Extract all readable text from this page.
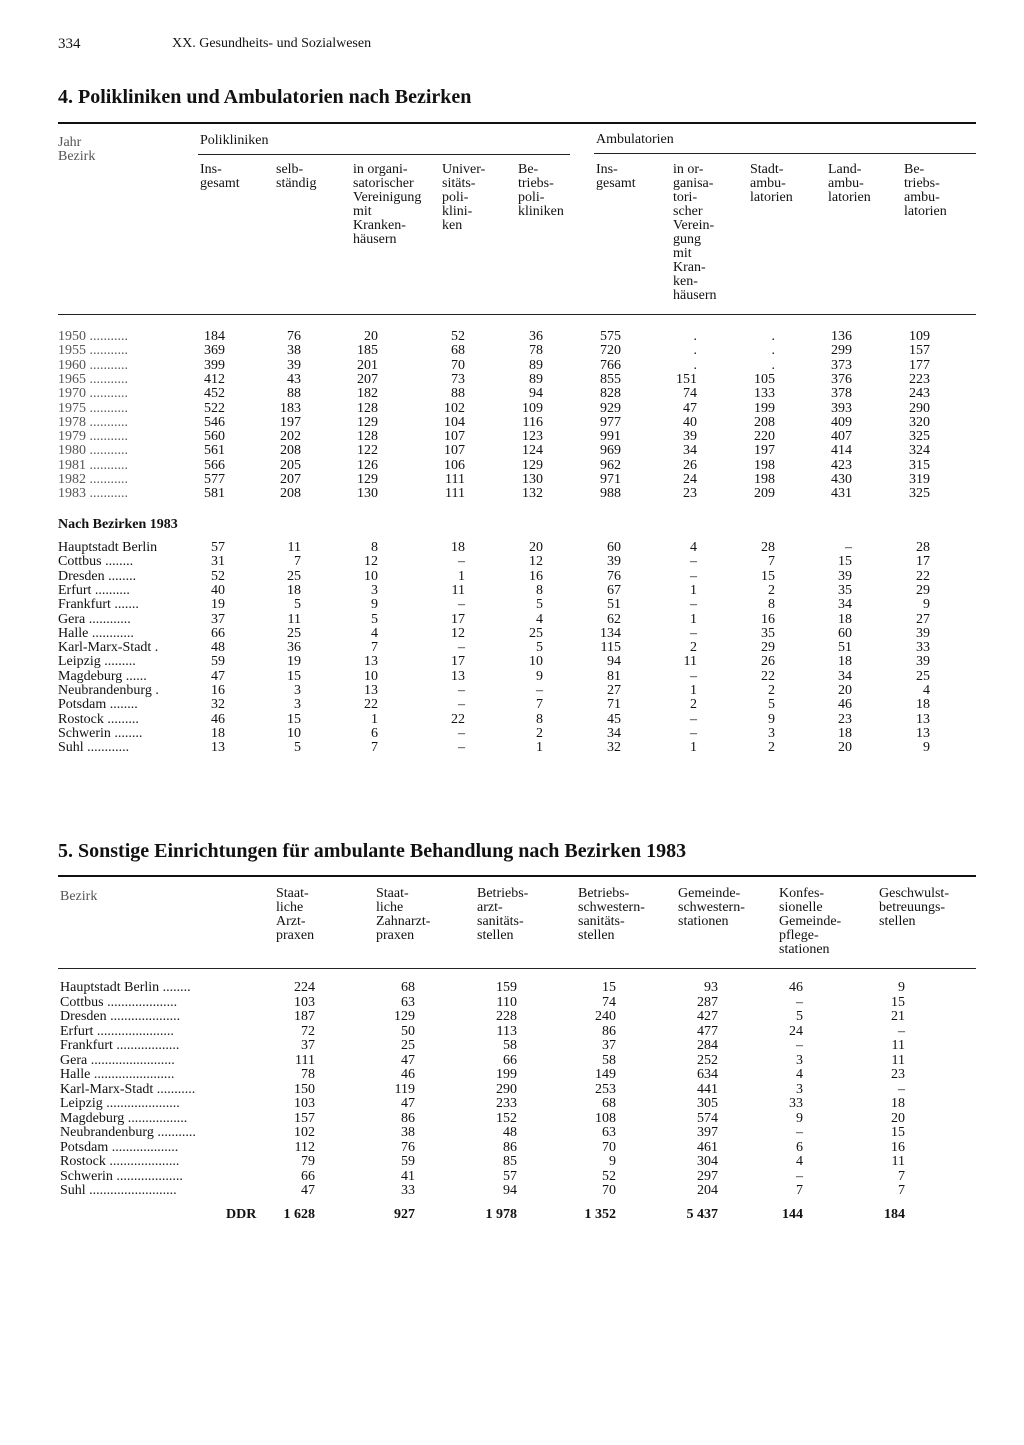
334	XX. Gesundheits- und Sozialwesen
4. Polikliniken und Ambulatorien nach Bezirken
Jahr
Bezirk
Polikliniken	Ambulatorien
Ins-
gesamt
selb-
ständig
in organi-
satorischer
Vereinigung
mit
Kranken-
häusern
Univer-
sitäts-
poli-
klini-
ken
Be-
triebs-
poli-
kliniken
Ins-
gesamt
in or-
ganisa-
tori-
scher
Verein-
gung
mit
Kran-
ken-
häusern
Stadt-
ambu-
latorien
Land-
ambu-
latorien
Be-
triebs-
ambu-
latorien
1950 ...........	184	76	20	52	36	575	.	.	136	109
1955 ...........	369	38	185	68	78	720	.	.	299	157
1960 ...........	399	39	201	70	89	766	.	.	373	177
1965 ...........	412	43	207	73	89	855	151	105	376	223
1970 ...........	452	88	182	88	94	828	74	133	378	243
1975 ...........	522	183	128	102	109	929	47	199	393	290
1978 ...........	546	197	129	104	116	977	40	208	409	320
1979 ...........	560	202	128	107	123	991	39	220	407	325
1980 ...........	561	208	122	107	124	969	34	197	414	324
1981 ...........	566	205	126	106	129	962	26	198	423	315
1982 ...........	577	207	129	111	130	971	24	198	430	319
1983 ...........	581	208	130	111	132	988	23	209	431	325
Hauptstadt Berlin	57	11	8	18	20	60	4	28	–	28
Cottbus ........	31	7	12	–	12	39	–	7	15	17
Dresden ........	52	25	10	1	16	76	–	15	39	22
Erfurt ..........	40	18	3	11	8	67	1	2	35	29
Frankfurt .......	19	5	9	–	5	51	–	8	34	9
Gera ............	37	11	5	17	4	62	1	16	18	27
Halle ............	66	25	4	12	25	134	–	35	60	39
Karl-Marx-Stadt .	48	36	7	–	5	115	2	29	51	33
Leipzig .........	59	19	13	17	10	94	11	26	18	39
Magdeburg ......	47	15	10	13	9	81	–	22	34	25
Neubrandenburg .	16	3	13	–	–	27	1	2	20	4
Potsdam ........	32	3	22	–	7	71	2	5	46	18
Rostock .........	46	15	1	22	8	45	–	9	23	13
Schwerin ........	18	10	6	–	2	34	–	3	18	13
Suhl ............	13	5	7	–	1	32	1	2	20	9
Nach Bezirken 1983
5. Sonstige Einrichtungen für ambulante Behandlung nach Bezirken 1983
Bezirk	Staat-
liche
Arzt-
praxen
Staat-
liche
Zahnarzt-
praxen
Betriebs-
arzt-
sanitäts-
stellen
Betriebs-
schwestern-
sanitäts-
stellen
Gemeinde-
schwestern-
stationen
Konfes-
sionelle
Gemeinde-
pflege-
stationen
Geschwulst-
betreuungs-
stellen
Hauptstadt Berlin ........	224	68	159	15	93	46	9
Cottbus ....................	103	63	110	74	287	–	15
Dresden ....................	187	129	228	240	427	5	21
Erfurt ......................	72	50	113	86	477	24	–
Frankfurt ..................	37	25	58	37	284	–	11
Gera ........................	111	47	66	58	252	3	11
Halle .......................	78	46	199	149	634	4	23
Karl-Marx-Stadt ...........	150	119	290	253	441	3	–
Leipzig .....................	103	47	233	68	305	33	18
Magdeburg .................	157	86	152	108	574	9	20
Neubrandenburg ...........	102	38	48	63	397	–	15
Potsdam ...................	112	76	86	70	461	6	16
Rostock ....................	79	59	85	9	304	4	11
Schwerin ...................	66	41	57	52	297	–	7
Suhl .........................	47	33	94	70	204	7	7
DDR	1 628	927	1 978	1 352	5 437	144	184
